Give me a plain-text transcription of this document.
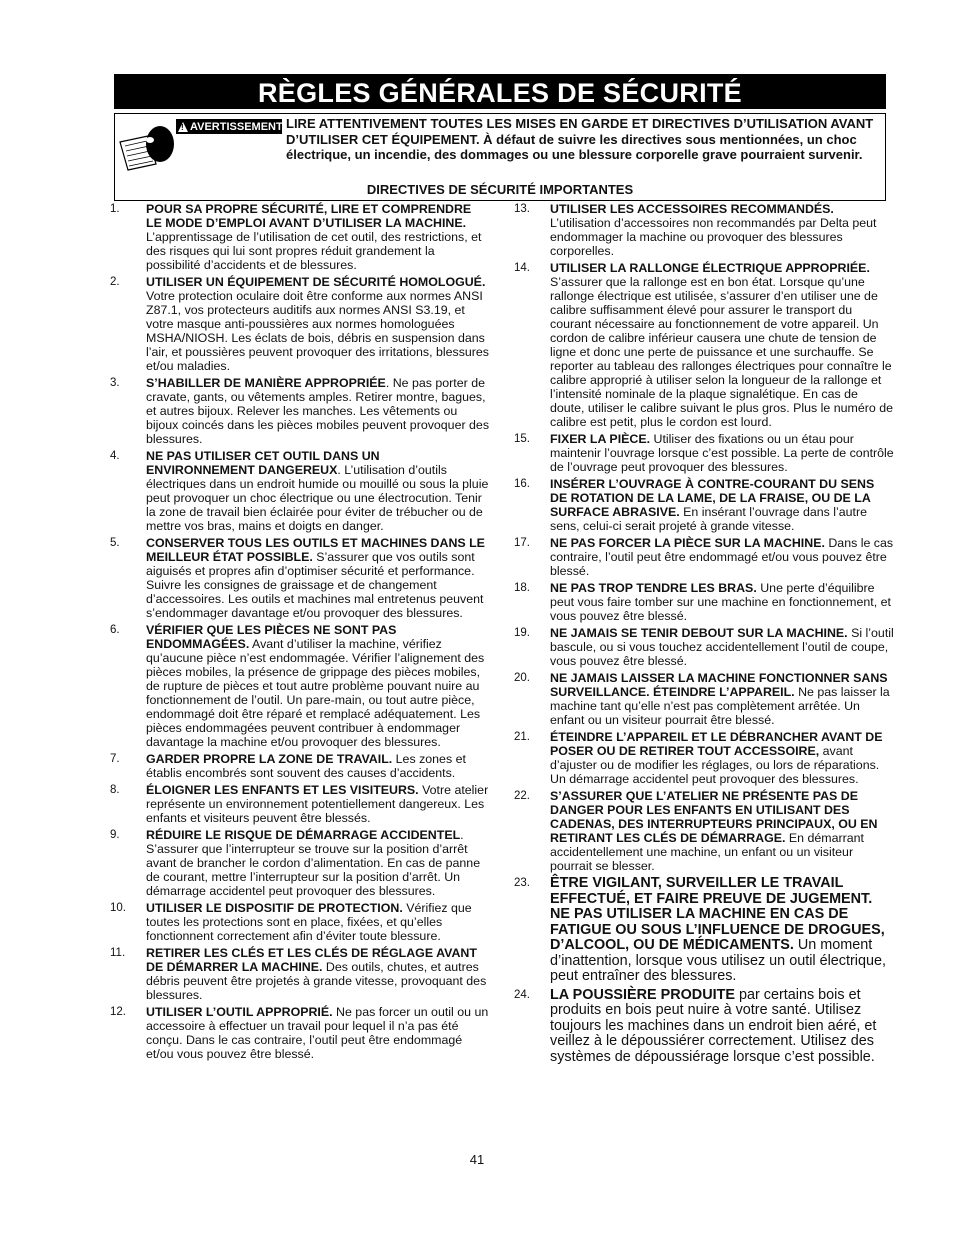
RÈGLES GÉNÉRALES DE SÉCURITÉ
! AVERTISSEMENT LIRE ATTENTIVEMENT TOUTES LES MISES EN GARDE ET DIRECTIVES D’UTILISATION AVANT D’UTILISER CET ÉQUIPEMENT. À défaut de suivre les directives sous mentionnées, un choc électrique, un incendie, des dommages ou une blessure corporelle grave pourraient survenir.
DIRECTIVES DE SÉCURITÉ IMPORTANTES
1. POUR SA PROPRE SÉCURITÉ, LIRE ET COMPRENDRE LE MODE D’EMPLOI AVANT D’UTILISER LA MACHINE. L’apprentissage de l’utilisation de cet outil, des restrictions, et des risques qui lui sont propres réduit grandement la possibilité d’accidents et de blessures.
2. UTILISER UN ÉQUIPEMENT DE SÉCURITÉ HOMOLOGUÉ. Votre protection oculaire doit être conforme aux normes ANSI Z87.1, vos protecteurs auditifs aux normes ANSI S3.19, et votre masque anti-poussières aux normes homologuées MSHA/NIOSH. Les éclats de bois, débris en suspension dans l’air, et poussières peuvent provoquer des irritations, blessures et/ou maladies.
3. S’HABILLER DE MANIÈRE APPROPRIÉE. Ne pas porter de cravate, gants, ou vêtements amples. Retirer montre, bagues, et autres bijoux. Relever les manches. Les vêtements ou bijoux coincés dans les pièces mobiles peuvent provoquer des blessures.
4. NE PAS UTILISER CET OUTIL DANS UN ENVIRONNEMENT DANGEREUX. L’utilisation d’outils électriques dans un endroit humide ou mouillé ou sous la pluie peut provoquer un choc électrique ou une électrocution. Tenir la zone de travail bien éclairée pour éviter de trébucher ou de mettre vos bras, mains et doigts en danger.
5. CONSERVER TOUS LES OUTILS ET MACHINES DANS LE MEILLEUR ÉTAT POSSIBLE. S’assurer que vos outils sont aiguisés et propres afin d’optimiser sécurité et performance. Suivre les consignes de graissage et de changement d’accessoires. Les outils et machines mal entretenus peuvent s’endommager davantage et/ou provoquer des blessures.
6. VÉRIFIER QUE LES PIÈCES NE SONT PAS ENDOMMAGÉES. Avant d’utiliser la machine, vérifiez qu’aucune pièce n’est endommagée. Vérifier l’alignement des pièces mobiles, la présence de grippage des pièces mobiles, de rupture de pièces et tout autre problème pouvant nuire au fonctionnement de l’outil. Un pare-main, ou tout autre pièce, endommagé doit être réparé et remplacé adéquatement. Les pièces endommagées peuvent contribuer à endommager davantage la machine et/ou provoquer des blessures.
7. GARDER PROPRE LA ZONE DE TRAVAIL. Les zones et établis encombrés sont souvent des causes d’accidents.
8. ÉLOIGNER LES ENFANTS ET LES VISITEURS. Votre atelier représente un environnement potentiellement dangereux. Les enfants et visiteurs peuvent être blessés.
9. RÉDUIRE LE RISQUE DE DÉMARRAGE ACCIDENTEL. S’assurer que l’interrupteur se trouve sur la position d’arrêt avant de brancher le cordon d’alimentation. En cas de panne de courant, mettre l’interrupteur sur la position d’arrêt. Un démarrage accidentel peut provoquer des blessures.
10. UTILISER LE DISPOSITIF DE PROTECTION. Vérifiez que toutes les protections sont en place, fixées, et qu’elles fonctionnent correctement afin d’éviter toute blessure.
11. RETIRER LES CLÉS ET LES CLÉS DE RÉGLAGE AVANT DE DÉMARRER LA MACHINE. Des outils, chutes, et autres débris peuvent être projetés à grande vitesse, provoquant des blessures.
12. UTILISER L’OUTIL APPROPRIÉ. Ne pas forcer un outil ou un accessoire à effectuer un travail pour lequel il n’a pas été conçu. Dans le cas contraire, l’outil peut être endommagé et/ou vous pouvez être blessé.
13. UTILISER LES ACCESSOIRES RECOMMANDÉS. L’utilisation d’accessoires non recommandés par Delta peut endommager la machine ou provoquer des blessures corporelles.
14. UTILISER LA RALLONGE ÉLECTRIQUE APPROPRIÉE. S’assurer que la rallonge est en bon état. Lorsque qu’une rallonge électrique est utilisée, s’assurer d’en utiliser une de calibre suffisamment élevé pour assurer le transport du courant nécessaire au fonctionnement de votre appareil. Un cordon de calibre inférieur causera une chute de tension de ligne et donc une perte de puissance et une surchauffe. Se reporter au tableau des rallonges électriques pour connaître le calibre approprié à utiliser selon la longueur de la rallonge et l’intensité nominale de la plaque signalétique. En cas de doute, utiliser le calibre suivant le plus gros. Plus le numéro de calibre est petit, plus le cordon est lourd.
15. FIXER LA PIÈCE. Utiliser des fixations ou un étau pour maintenir l’ouvrage lorsque c’est possible. La perte de contrôle de l’ouvrage peut provoquer des blessures.
16. INSÉRER L’OUVRAGE À CONTRE-COURANT DU SENS DE ROTATION DE LA LAME, DE LA FRAISE, OU DE LA SURFACE ABRASIVE. En insérant l’ouvrage dans l’autre sens, celui-ci serait projeté à grande vitesse.
17. NE PAS FORCER LA PIÈCE SUR LA MACHINE. Dans le cas contraire, l’outil peut être endommagé et/ou vous pouvez être blessé.
18. NE PAS TROP TENDRE LES BRAS. Une perte d’équilibre peut vous faire tomber sur une machine en fonctionnement, et vous pouvez être blessé.
19. NE JAMAIS SE TENIR DEBOUT SUR LA MACHINE. Si l’outil bascule, ou si vous touchez accidentellement l’outil de coupe, vous pouvez être blessé.
20. NE JAMAIS LAISSER LA MACHINE FONCTIONNER SANS SURVEILLANCE. ÉTEINDRE L’APPAREIL. Ne pas laisser la machine tant qu’elle n’est pas complètement arrêtée. Un enfant ou un visiteur pourrait être blessé.
21. ÉTEINDRE L’APPAREIL ET LE DÉBRANCHER AVANT DE POSER OU DE RETIRER TOUT ACCESSOIRE, avant d’ajuster ou de modifier les réglages, ou lors de réparations. Un démarrage accidentel peut provoquer des blessures.
22. S’ASSURER QUE L’ATELIER NE PRÉSENTE PAS DE DANGER POUR LES ENFANTS EN UTILISANT DES CADENAS, DES INTERRUPTEURS PRINCIPAUX, OU EN RETIRANT LES CLÉS DE DÉMARRAGE. En démarrant accidentellement une machine, un enfant ou un visiteur pourrait se blesser.
23. ÊTRE VIGILANT, SURVEILLER LE TRAVAIL EFFECTUÉ, ET FAIRE PREUVE DE JUGEMENT. NE PAS UTILISER LA MACHINE EN CAS DE FATIGUE OU SOUS L’INFLUENCE DE DROGUES, D’ALCOOL, OU DE MÉDICAMENTS. Un moment d’inattention, lorsque vous utilisez un outil électrique, peut entraîner des blessures.
24. LA POUSSIÈRE PRODUITE par certains bois et produits en bois peut nuire à votre santé. Utilisez toujours les machines dans un endroit bien aéré, et veillez à le dépoussiérer correctement. Utilisez des systèmes de dépoussiérage lorsque c’est possible.
41
